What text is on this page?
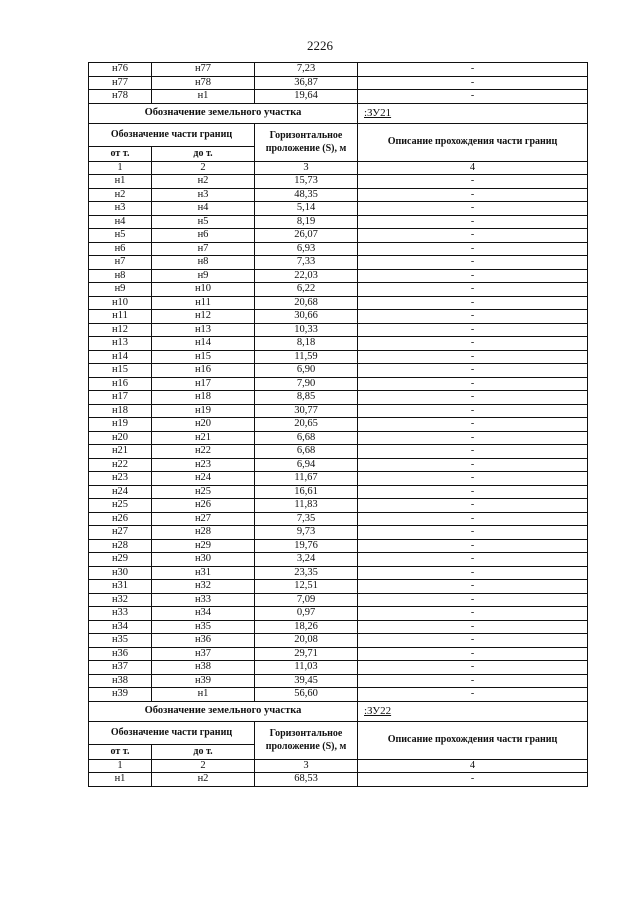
2226
н76	н77	7,23	-
н77	н78	36,87	-
н78	н1	19,64	-
Обозначение земельного участка			:ЗУ21
Обозначение части границ		Горизонтальное проложение (S), м	Описание прохождения части границ
от т.	до т.		
1	2	3	4
н1	н2	15,73	-
н2	н3	48,35	-
н3	н4	5,14	-
н4	н5	8,19	-
н5	н6	26,07	-
н6	н7	6,93	-
н7	н8	7,33	-
н8	н9	22,03	-
н9	н10	6,22	-
н10	н11	20,68	-
н11	н12	30,66	-
н12	н13	10,33	-
н13	н14	8,18	-
н14	н15	11,59	-
н15	н16	6,90	-
н16	н17	7,90	-
н17	н18	8,85	-
н18	н19	30,77	-
н19	н20	20,65	-
н20	н21	6,68	-
н21	н22	6,68	-
н22	н23	6,94	-
н23	н24	11,67	-
н24	н25	16,61	-
н25	н26	11,83	-
н26	н27	7,35	-
н27	н28	9,73	-
н28	н29	19,76	-
н29	н30	3,24	-
н30	н31	23,35	-
н31	н32	12,51	-
н32	н33	7,09	-
н33	н34	0,97	-
н34	н35	18,26	-
н35	н36	20,08	-
н36	н37	29,71	-
н37	н38	11,03	-
н38	н39	39,45	-
н39	н1	56,60	-
Обозначение земельного участка			:ЗУ22
Обозначение части границ		Горизонтальное проложение (S), м	Описание прохождения части границ
от т.	до т.		
1	2	3	4
н1	н2	68,53	-
